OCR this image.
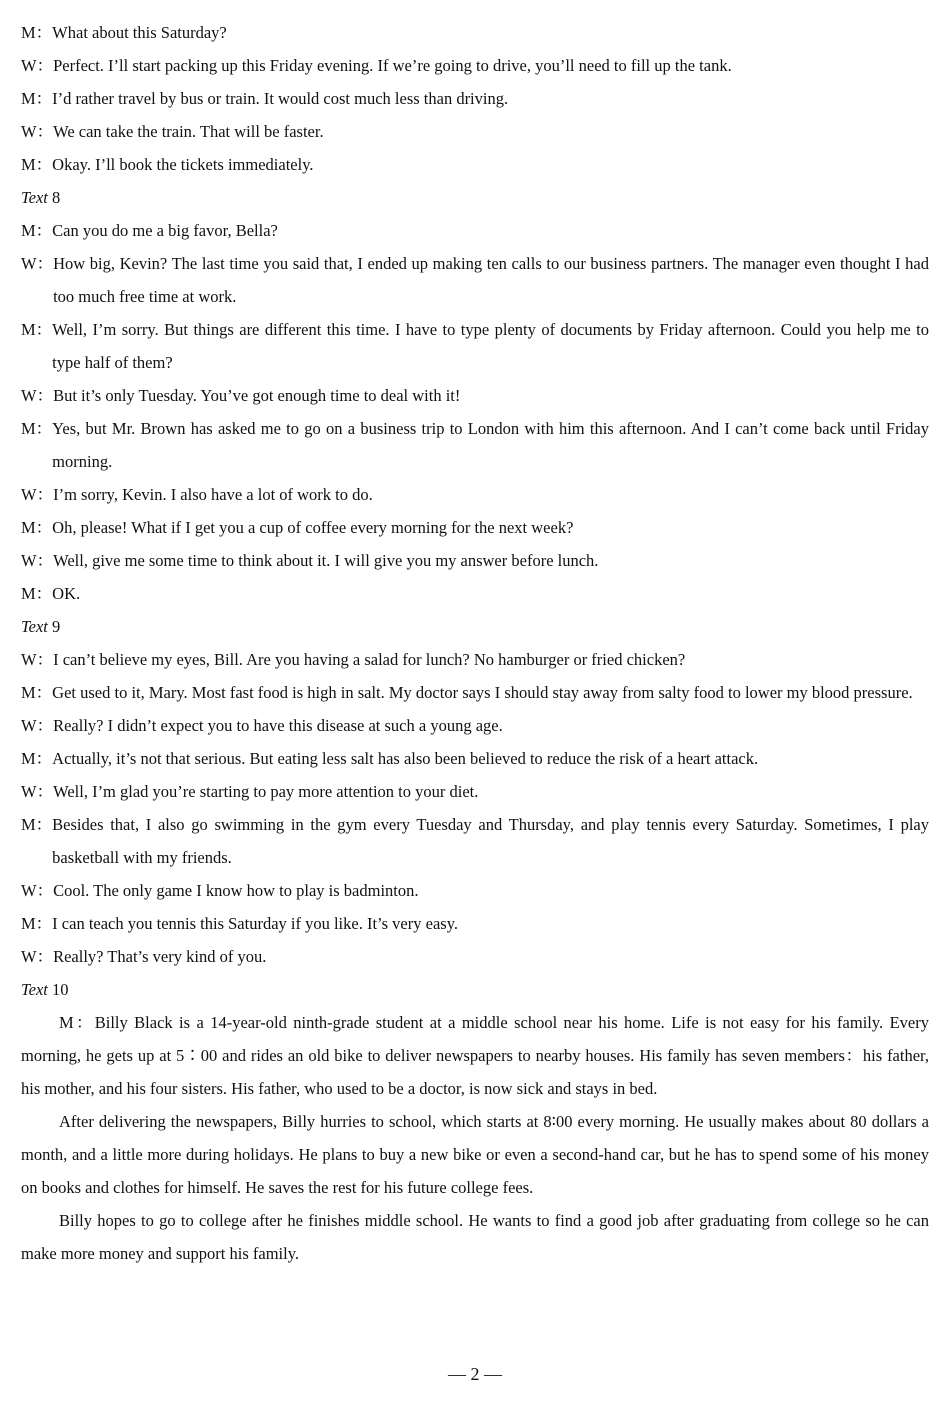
M： What about this Saturday?
W： Perfect. I’ll start packing up this Friday evening. If we’re going to drive, you’ll need to fill up the tank.
M： I’d rather travel by bus or train. It would cost much less than driving.
W： We can take the train. That will be faster.
M： Okay. I’ll book the tickets immediately.
Text 8
M： Can you do me a big favor, Bella?
W： How big, Kevin? The last time you said that, I ended up making ten calls to our business partners. The manager even thought I had too much free time at work.
M： Well, I’m sorry. But things are different this time. I have to type plenty of documents by Friday afternoon. Could you help me to type half of them?
W： But it’s only Tuesday. You’ve got enough time to deal with it!
M： Yes, but Mr. Brown has asked me to go on a business trip to London with him this afternoon. And I can’t come back until Friday morning.
W： I’m sorry, Kevin. I also have a lot of work to do.
M： Oh, please! What if I get you a cup of coffee every morning for the next week?
W： Well, give me some time to think about it. I will give you my answer before lunch.
M： OK.
Text 9
W： I can’t believe my eyes, Bill. Are you having a salad for lunch? No hamburger or fried chicken?
M： Get used to it, Mary. Most fast food is high in salt. My doctor says I should stay away from salty food to lower my blood pressure.
W： Really? I didn’t expect you to have this disease at such a young age.
M： Actually, it’s not that serious. But eating less salt has also been believed to reduce the risk of a heart attack.
W： Well, I’m glad you’re starting to pay more attention to your diet.
M： Besides that, I also go swimming in the gym every Tuesday and Thursday, and play tennis every Saturday. Sometimes, I play basketball with my friends.
W： Cool. The only game I know how to play is badminton.
M： I can teach you tennis this Saturday if you like. It’s very easy.
W： Really? That’s very kind of you.
Text 10
M：Billy Black is a 14-year-old ninth-grade student at a middle school near his home. Life is not easy for his family. Every morning, he gets up at 5∶00 and rides an old bike to deliver newspapers to nearby houses. His family has seven members：his father, his mother, and his four sisters. His father, who used to be a doctor, is now sick and stays in bed.
After delivering the newspapers, Billy hurries to school, which starts at 8∶00 every morning. He usually makes about 80 dollars a month, and a little more during holidays. He plans to buy a new bike or even a second-hand car, but he has to spend some of his money on books and clothes for himself. He saves the rest for his future college fees.
Billy hopes to go to college after he finishes middle school. He wants to find a good job after graduating from college so he can make more money and support his family.
— 2 —
